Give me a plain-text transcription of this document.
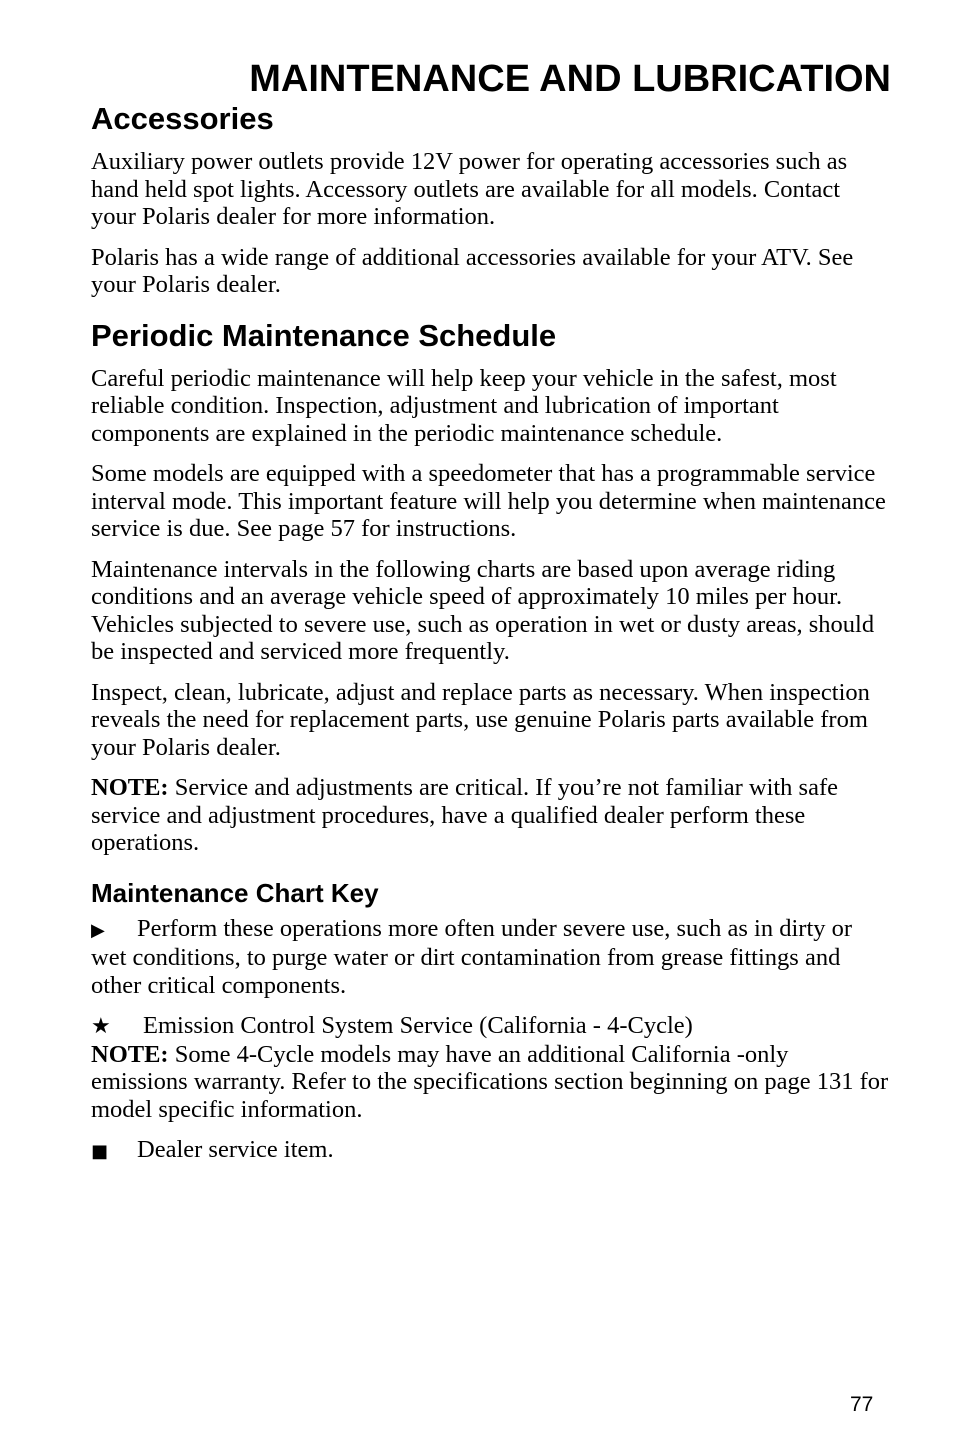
MAINTENANCE AND LUBRICATION
Accessories

Auxiliary power outlets provide 12V power for operating accessories such as hand held spot lights. Accessory outlets are available for all models. Contact your Polaris dealer for more information.

Polaris has a wide range of additional accessories available for your ATV. See your Polaris dealer.

Periodic Maintenance Schedule

Careful periodic maintenance will help keep your vehicle in the safest, most reliable condition. Inspection, adjustment and lubrication of important components are explained in the periodic maintenance schedule.

Some models are equipped with a speedometer that has a programmable service interval mode. This important feature will help you determine when maintenance service is due. See page 57 for instructions.

Maintenance intervals in the following charts are based upon average riding conditions and an average vehicle speed of approximately 10 miles per hour. Vehicles subjected to severe use, such as operation in wet or dusty areas, should be inspected and serviced more frequently.

Inspect, clean, lubricate, adjust and replace parts as necessary. When inspection reveals the need for replacement parts, use genuine Polaris parts available from your Polaris dealer.

NOTE: Service and adjustments are critical. If you’re not familiar with safe service and adjustment procedures, have a qualified dealer perform these operations.

Maintenance Chart Key

▶ Perform these operations more often under severe use, such as in dirty or wet conditions, to purge water or dirt contamination from grease fittings and other critical components.

★ Emission Control System Service (California - 4-Cycle)
NOTE: Some 4-Cycle models may have an additional California -only emissions warranty. Refer to the specifications section beginning on page 131 for model specific information.

■ Dealer service item.

77
